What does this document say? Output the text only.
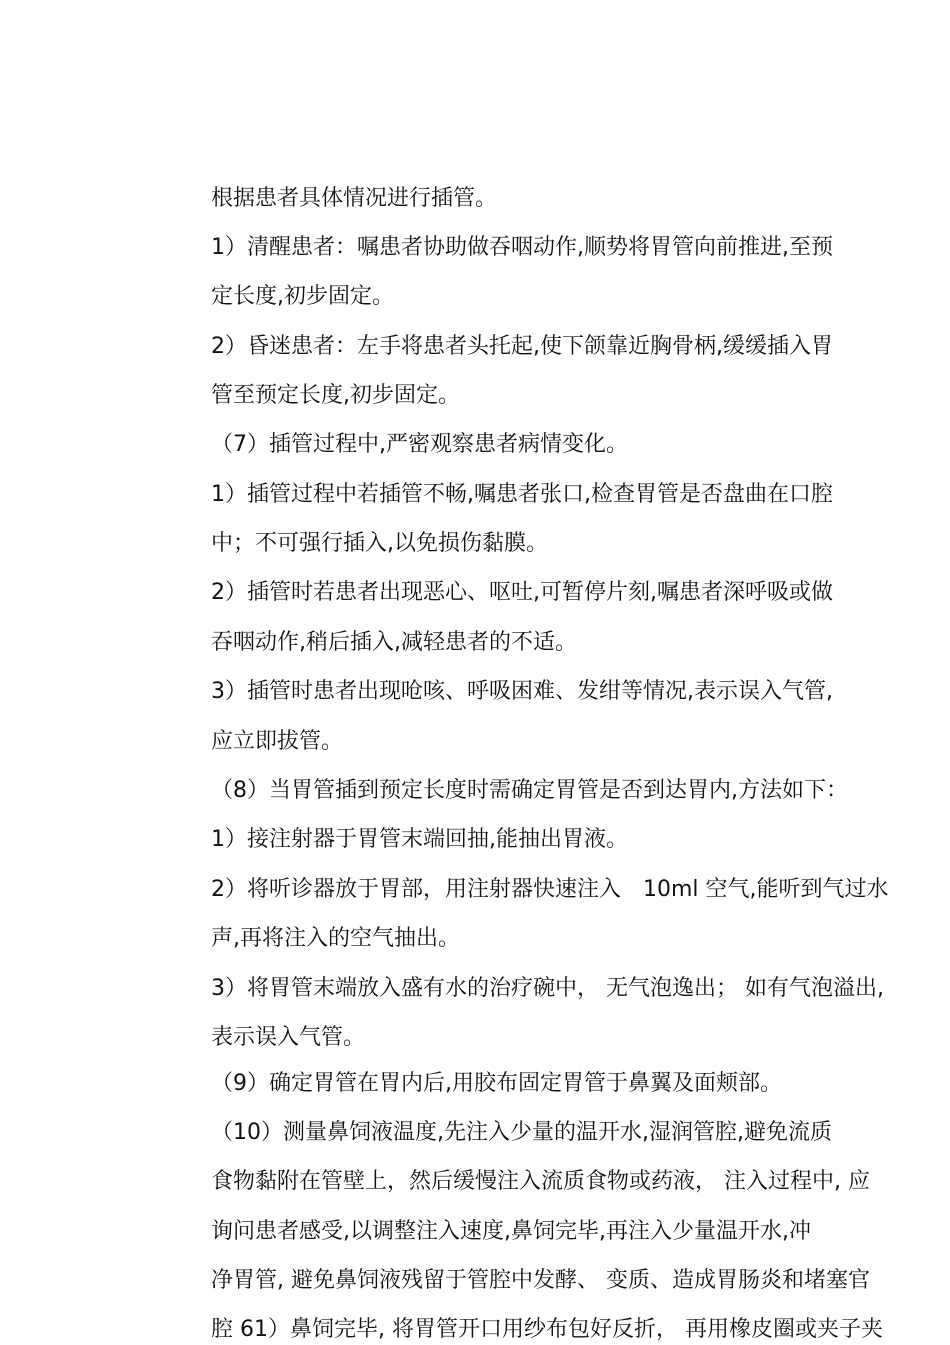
根据患者具体情况进行插管。
1）清醒患者：嘱患者协助做吞咽动作,顺势将胃管向前推进,至预
定长度,初步固定。
2）昏迷患者：左手将患者头托起,使下颌靠近胸骨柄,缓缓插入胃
管至预定长度,初步固定。
（7）插管过程中,严密观察患者病情变化。
1）插管过程中若插管不畅,嘱患者张口,检查胃管是否盘曲在口腔
中；不可强行插入,以免损伤黏膜。
2）插管时若患者出现恶心、呕吐,可暂停片刻,嘱患者深呼吸或做
吞咽动作,稍后插入,减轻患者的不适。
3）插管时患者出现呛咳、呼吸困难、发绀等情况,表示误入气管,
应立即拔管。
（8）当胃管插到预定长度时需确定胃管是否到达胃内,方法如下：
1）接注射器于胃管末端回抽,能抽出胃液。
2）将听诊器放于胃部，用注射器快速注入　10ml 空气,能听到气过水
声,再将注入的空气抽出。
3）将胃管末端放入盛有水的治疗碗中， 无气泡逸出； 如有气泡溢出,
表示误入气管。
（9）确定胃管在胃内后,用胶布固定胃管于鼻翼及面颊部。
（10）测量鼻饲液温度,先注入少量的温开水,湿润管腔,避免流质
食物黏附在管壁上，然后缓慢注入流质食物或药液， 注入过程中, 应
询问患者感受,以调整注入速度,鼻饲完毕,再注入少量温开水,冲
净胃管, 避免鼻饲液残留于管腔中发酵、 变质、造成胃肠炎和堵塞官
腔 61）鼻饲完毕, 将胃管开口用纱布包好反折， 再用橡皮圈或夹子夹
